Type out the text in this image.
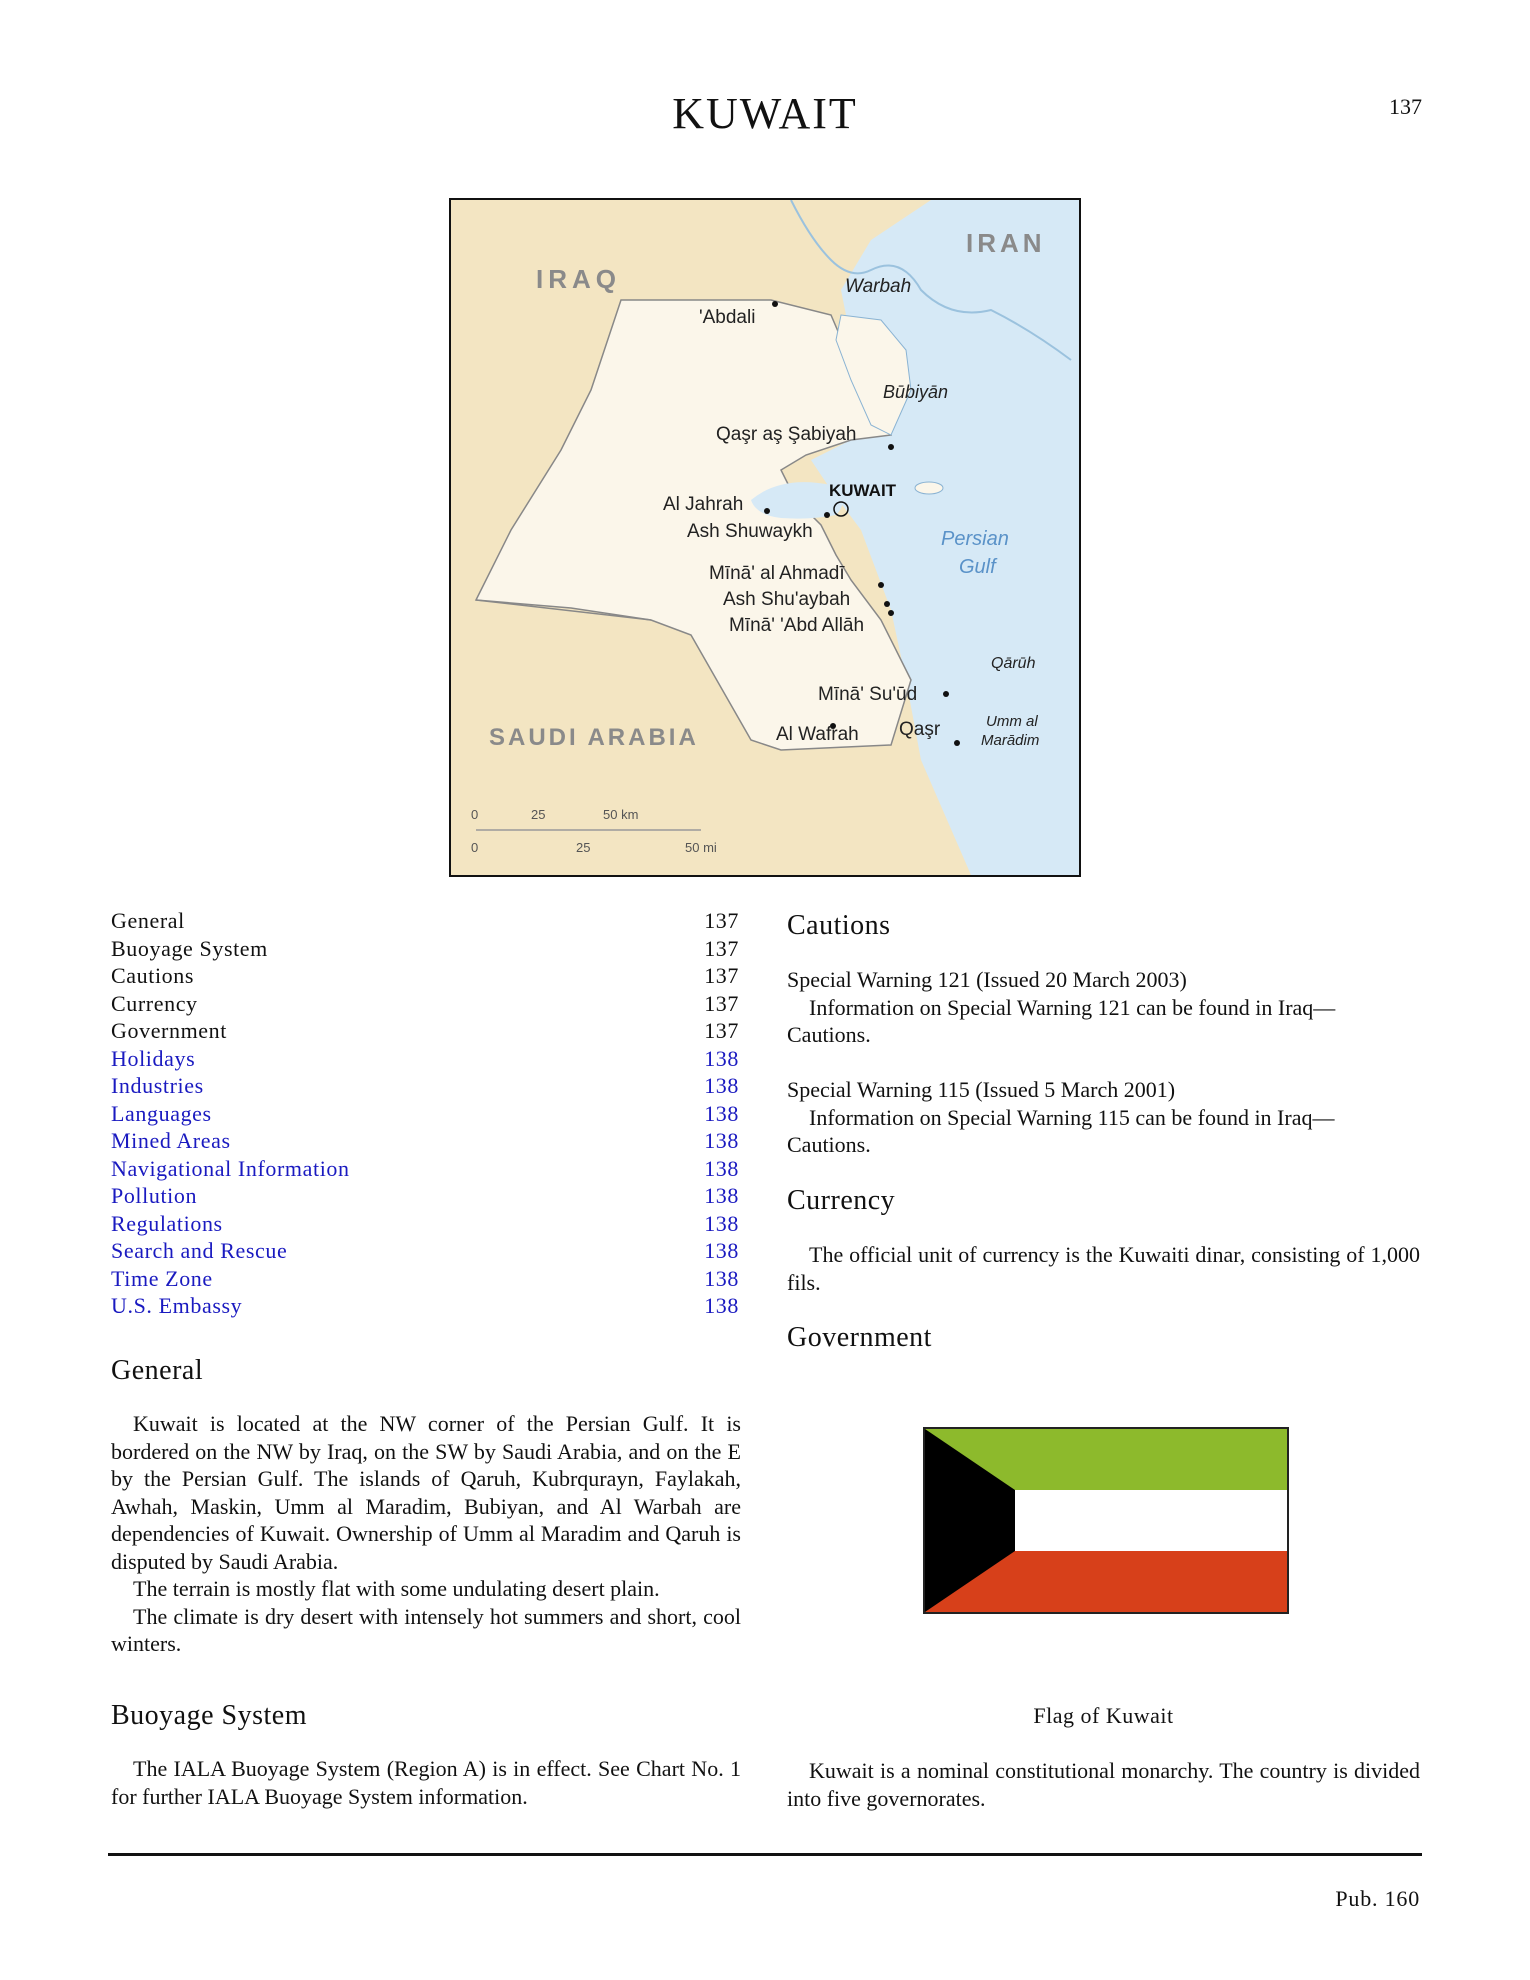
KUWAIT	137
IRAQ
IRAN
SAUDI ARABIA
'Abdali
Warbah
Būbiyān
Qaşr aş Şabiyah
KUWAIT
Al Jahrah
Ash Shuwaykh
Mīnā' al Ahmadī
Ash Shu'aybah
Mīnā' 'Abd Allāh
Persian
Gulf
Qārūh
Mīnā' Su'ūd
Al Wafrah Qaşr	Umm al
Marādim
0	25	50 km
0	25	50 mi
General	137
Buoyage System	137
Cautions	137
Currency	137
Government	137
Holidays	138
Industries	138
Languages	138
Mined Areas	138
Navigational Information	138
Pollution	138
Regulations	138
Search and Rescue	138
Time Zone	138
U.S. Embassy	138
General

Kuwait is located at the NW corner of the Persian Gulf. It is bordered on the NW by Iraq, on the SW by Saudi Arabia, and on the E by the Persian Gulf. The islands of Qaruh, Kubrqurayn, Faylakah, Awhah, Maskin, Umm al Maradim, Bubiyan, and Al Warbah are dependencies of Kuwait. Ownership of Umm al Maradim and Qaruh is disputed by Saudi Arabia.

The terrain is mostly flat with some undulating desert plain.

The climate is dry desert with intensely hot summers and short, cool winters.

Buoyage System

The IALA Buoyage System (Region A) is in effect. See Chart No. 1 for further IALA Buoyage System information.

Cautions

Special Warning 121 (Issued 20 March 2003)

Information on Special Warning 121 can be found in Iraq—

Cautions.

Special Warning 115 (Issued 5 March 2001)

Information on Special Warning 115 can be found in Iraq—

Cautions.

Currency

The official unit of currency is the Kuwaiti dinar, consisting of 1,000 fils.

Government
Flag of Kuwait

Kuwait is a nominal constitutional monarchy. The country is divided into five governorates.

Pub. 160
